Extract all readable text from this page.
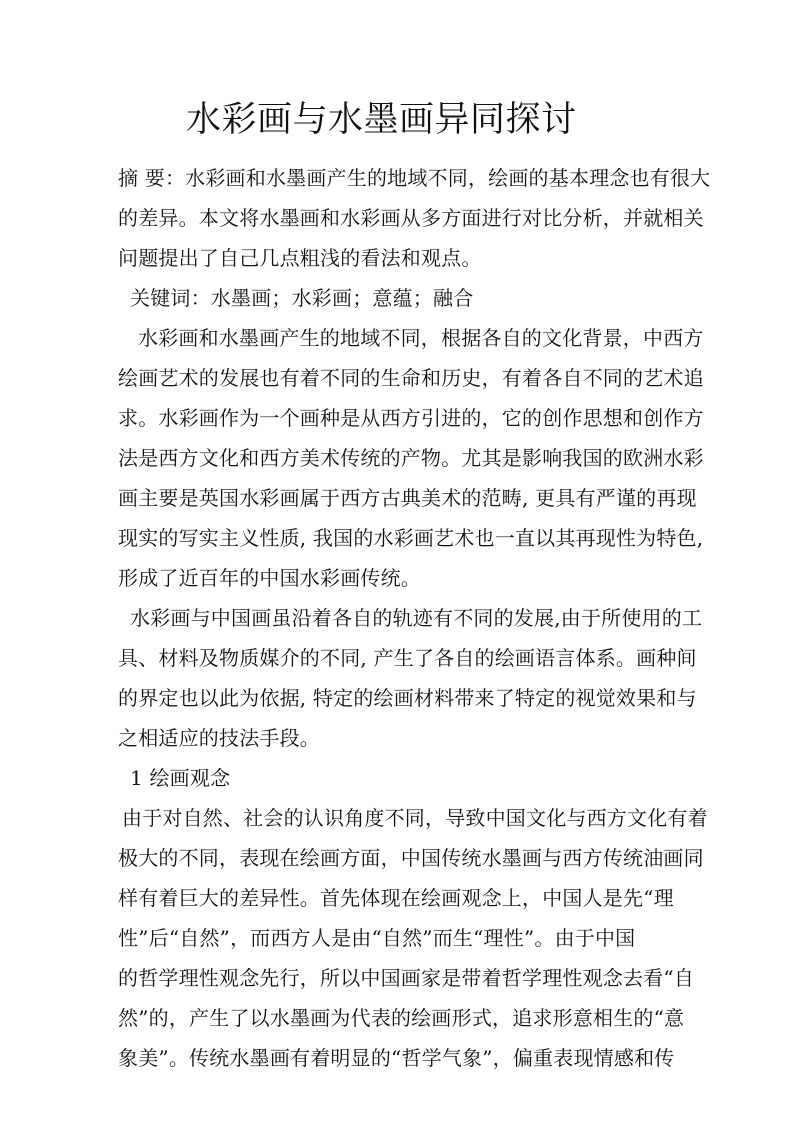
水彩画与水墨画异同探讨
摘 要：水彩画和水墨画产生的地域不同，绘画的基本理念也有很大
的差异。本文将水墨画和水彩画从多方面进行对比分析，并就相关
问题提出了自己几点粗浅的看法和观点。
关键词：水墨画；水彩画；意蕴；融合
水彩画和水墨画产生的地域不同，根据各自的文化背景，中西方
绘画艺术的发展也有着不同的生命和历史，有着各自不同的艺术追
求。水彩画作为一个画种是从西方引进的，它的创作思想和创作方
法是西方文化和西方美术传统的产物。尤其是影响我国的欧洲水彩
画主要是英国水彩画属于西方古典美术的范畴, 更具有严谨的再现
现实的写实主义性质, 我国的水彩画艺术也一直以其再现性为特色,
形成了近百年的中国水彩画传统。
水彩画与中国画虽沿着各自的轨迹有不同的发展,由于所使用的工
具、材料及物质媒介的不同, 产生了各自的绘画语言体系。画种间
的界定也以此为依据, 特定的绘画材料带来了特定的视觉效果和与
之相适应的技法手段。
1 绘画观念
由于对自然、社会的认识角度不同，导致中国文化与西方文化有着
极大的不同，表现在绘画方面，中国传统水墨画与西方传统油画同
样有着巨大的差异性。首先体现在绘画观念上，中国人是先“理
性”后“自然”，而西方人是由“自然”而生“理性”。由于中国
的哲学理性观念先行，所以中国画家是带着哲学理性观念去看“自
然”的，产生了以水墨画为代表的绘画形式，追求形意相生的“意
象美”。传统水墨画有着明显的“哲学气象”，偏重表现情感和传
